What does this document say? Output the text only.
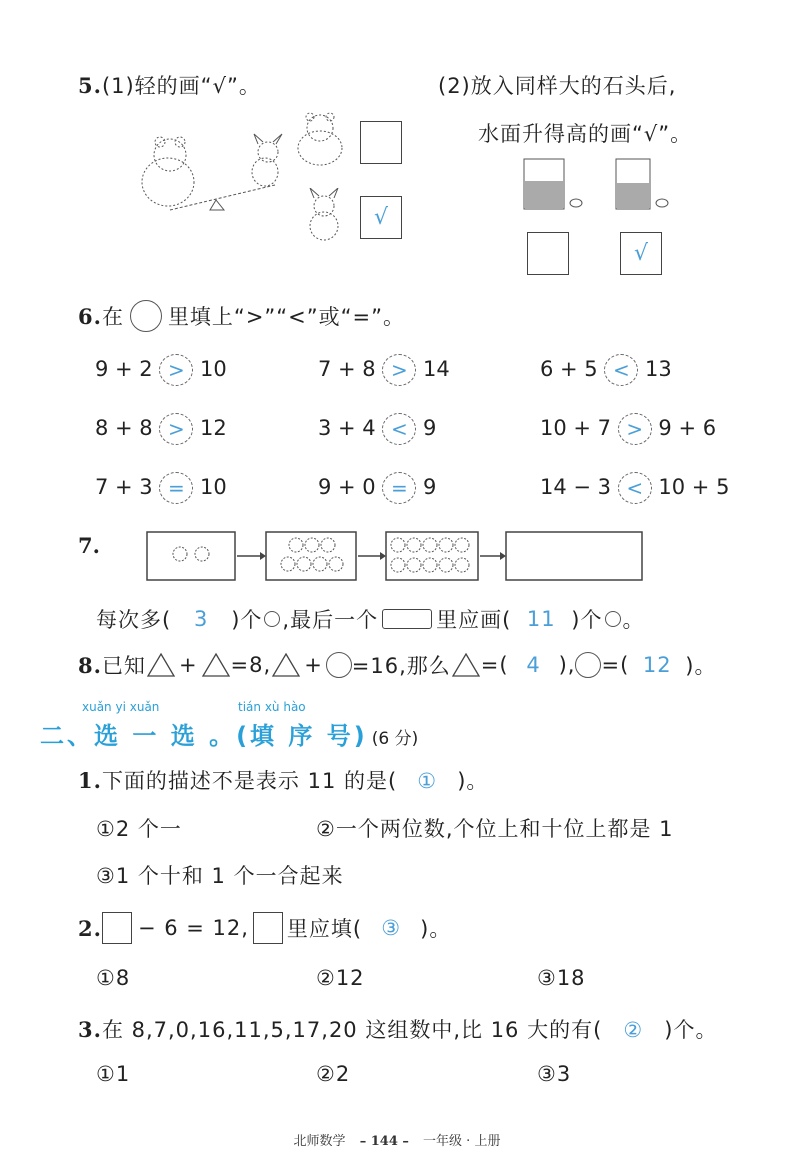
5.(1)轻的画“√”。	(2)放入同样大的石头后,
水面升得高的画“√”。
√
√
6 . 在 里填上“>”“<”或“=”。
9 + 2 > 10	7 + 8 > 14	6 + 5 < 13
8 + 8 > 12	3 + 4 < 9	10 + 7 > 9 + 6
7 + 3 = 10	9 + 0 = 9	14 − 3 < 10 + 5
7.
每次多(	3	)个 ,最后一个	里应画( 11 )个 。
8 . 已知 + =8, + =16,那么 =( 4 ), =( 12 )。
xuǎn yi xuǎn	tián xù hào
二、选 一 选 。(填 序 号) (6 分)
1.下面的描述不是表示 11 的是( ① )。
①2 个一	②一个两位数,个位上和十位上都是 1
③1 个十和 1 个一合起来
2 . − 6 = 12, 里应填( ③ )。
①8	②12	③18
3.在 8,7,0,16,11,5,17,20 这组数中,比 16 大的有( ② )个。
①1	②2	③3
北师数学 – 144 – 一年级 · 上册
